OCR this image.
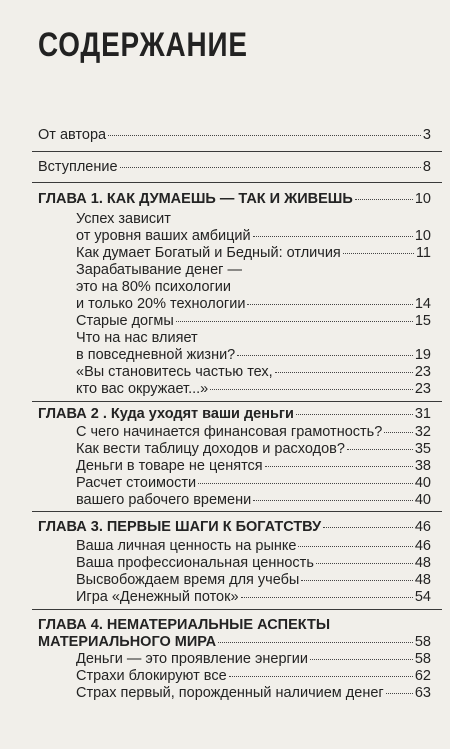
СОДЕРЖАНИЕ
От автора	3
Вступление	8
ГЛАВА 1. КАК ДУМАЕШЬ — ТАК И ЖИВЕШЬ	10
Успех зависит
от уровня ваших амбиций	10
Как думает Богатый и Бедный: отличия	11
Зарабатывание денег —
это на 80% психологии
и только 20% технологии	14
Старые догмы	15
Что на нас влияет
в повседневной жизни?	19
«Вы становитесь частью тех,	23
кто вас окружает...»	23
ГЛАВА 2 . Куда уходят ваши деньги	31
С чего начинается финансовая грамотность? 32
Как вести таблицу доходов и расходов?	35
Деньги в товаре не ценятся	38
Расчет стоимости	40
вашего рабочего времени	40
ГЛАВА 3. ПЕРВЫЕ ШАГИ К БОГАТСТВУ	46
Ваша личная ценность на рынке	46
Ваша профессиональная ценность	48
Высвобождаем время для учебы	48
Игра «Денежный поток»	54
ГЛАВА 4. НЕМАТЕРИАЛЬНЫЕ АСПЕКТЫ
МАТЕРИАЛЬНОГО МИРА	58
Деньги — это проявление энергии	58
Страхи блокируют все	62
Страх первый, порожденный наличием денег 63
